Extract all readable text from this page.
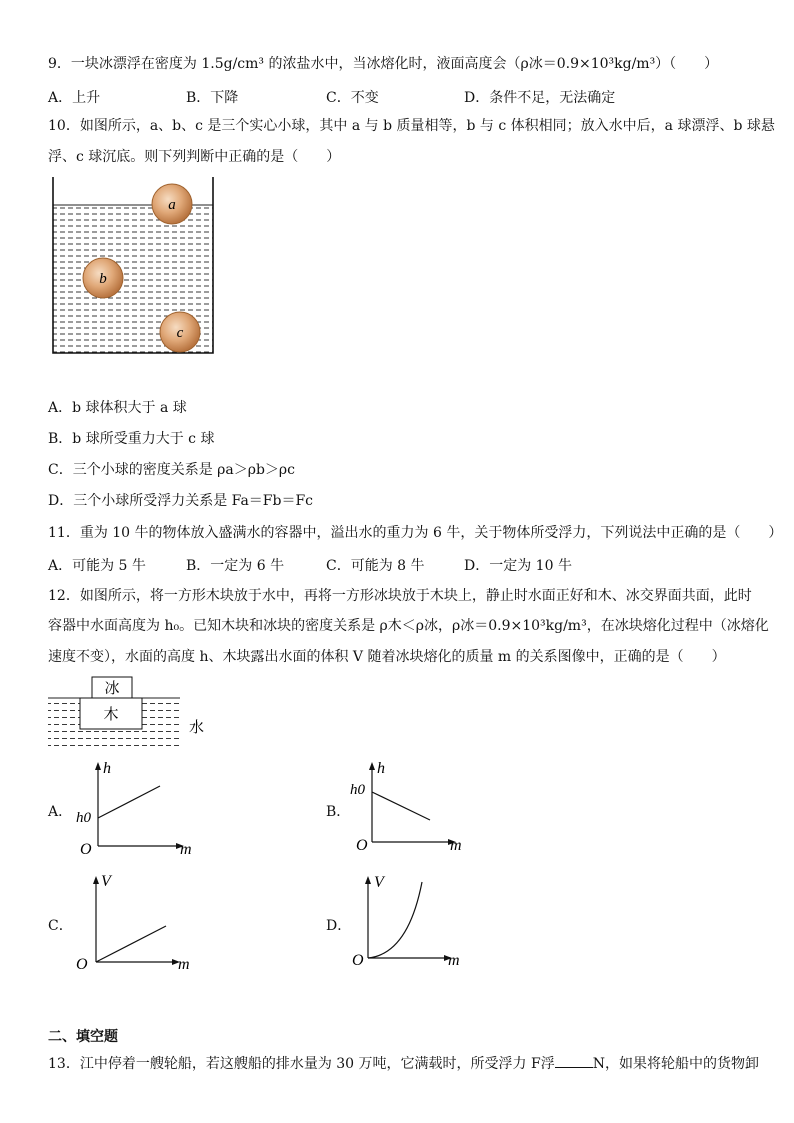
9．一块冰漂浮在密度为 1.5g/cm³ 的浓盐水中，当冰熔化时，液面高度会（ρ冰＝0.9×10³kg/m³）（　　）
A．上升	B．下降	C．不变	D．条件不足，无法确定
10．如图所示，a、b、c 是三个实心小球，其中 a 与 b 质量相等，b 与 c 体积相同；放入水中后，a 球漂浮、b 球悬
浮、c 球沉底。则下列判断中正确的是（　　）
a
b
c
A．b 球体积大于 a 球
B．b 球所受重力大于 c 球
C．三个小球的密度关系是 ρa＞ρb＞ρc
D．三个小球所受浮力关系是 Fa＝Fb＝Fc
11．重为 10 牛的物体放入盛满水的容器中，溢出水的重力为 6 牛，关于物体所受浮力，下列说法中正确的是（　　）
A．可能为 5 牛	B．一定为 6 牛	C．可能为 8 牛	D．一定为 10 牛
12．如图所示，将一方形木块放于水中，再将一方形冰块放于木块上，静止时水面正好和木、冰交界面共面，此时
容器中水面高度为 h₀。已知木块和冰块的密度关系是 ρ木＜ρ冰，ρ冰＝0.9×10³kg/m³，在冰块熔化过程中（冰熔化
速度不变），水面的高度 h、木块露出水面的体积 V 随着冰块熔化的质量 m 的关系图像中，正确的是（　　）
冰
木
水
A．
h
m
O
h0	B．
h
m
O
h0
C．
V
m
O
D．
V
m
O
二、填空题
13．江中停着一艘轮船，若这艘船的排水量为 30 万吨，它满载时，所受浮力 F浮	N，如果将轮船中的货物卸
